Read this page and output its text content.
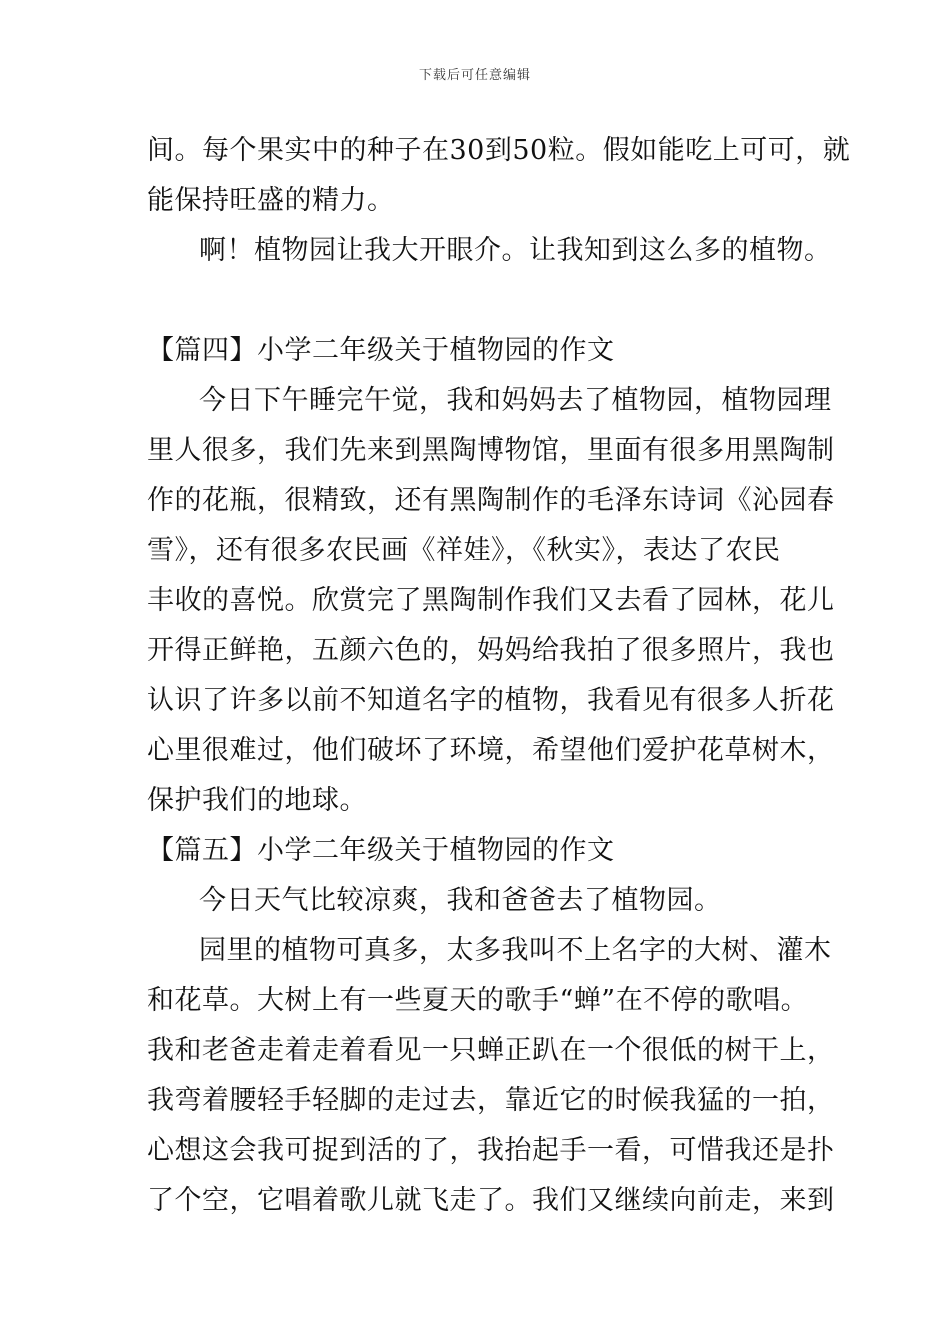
下载后可任意编辑
间。每个果实中的种子在30到50粒。假如能吃上可可，就
能保持旺盛的精力。
啊！植物园让我大开眼介。让我知到这么多的植物。
【篇四】小学二年级关于植物园的作文
今日下午睡完午觉，我和妈妈去了植物园，植物园理
里人很多，我们先来到黑陶博物馆，里面有很多用黑陶制
作的花瓶，很精致，还有黑陶制作的毛泽东诗词《沁园春
雪》，还有很多农民画《祥娃》，《秋实》，表达了农民
丰收的喜悦。欣赏完了黑陶制作我们又去看了园林，花儿
开得正鲜艳，五颜六色的，妈妈给我拍了很多照片，我也
认识了许多以前不知道名字的植物，我看见有很多人折花
心里很难过，他们破坏了环境，希望他们爱护花草树木，
保护我们的地球。
【篇五】小学二年级关于植物园的作文
今日天气比较凉爽，我和爸爸去了植物园。
园里的植物可真多，太多我叫不上名字的大树、灌木
和花草。大树上有一些夏天的歌手“蝉”在不停的歌唱。
我和老爸走着走着看见一只蝉正趴在一个很低的树干上，
我弯着腰轻手轻脚的走过去，靠近它的时候我猛的一拍，
心想这会我可捉到活的了，我抬起手一看，可惜我还是扑
了个空，它唱着歌儿就飞走了。我们又继续向前走，来到
